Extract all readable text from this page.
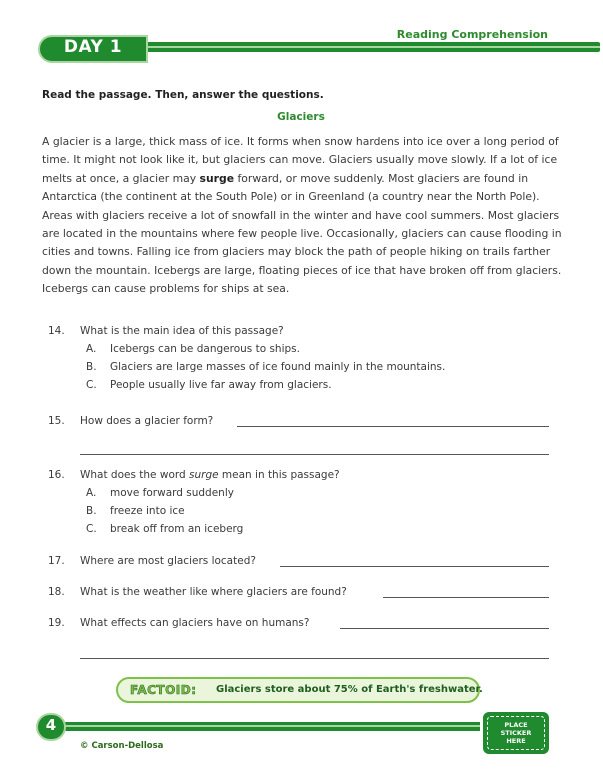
Reading Comprehension
DAY 1
Read the passage. Then, answer the questions.
Glaciers
A glacier is a large, thick mass of ice. It forms when snow hardens into ice over a long period of time. It might not look like it, but glaciers can move. Glaciers usually move slowly. If a lot of ice melts at once, a glacier may surge forward, or move suddenly. Most glaciers are found in Antarctica (the continent at the South Pole) or in Greenland (a country near the North Pole). Areas with glaciers receive a lot of snowfall in the winter and have cool summers. Most glaciers are located in the mountains where few people live. Occasionally, glaciers can cause flooding in cities and towns. Falling ice from glaciers may block the path of people hiking on trails farther down the mountain. Icebergs are large, floating pieces of ice that have broken off from glaciers. Icebergs can cause problems for ships at sea.
14.	What is the main idea of this passage?
A. Icebergs can be dangerous to ships.
B. Glaciers are large masses of ice found mainly in the mountains.
C. People usually live far away from glaciers.
15.	How does a glacier form?
16.	What does the word surge mean in this passage?
A. move forward suddenly
B. freeze into ice
C. break off from an iceberg
17.	Where are most glaciers located?
18.	What is the weather like where glaciers are found?
19.	What effects can glaciers have on humans?
FACTOID: Glaciers store about 75% of Earth's freshwater.
4
© Carson-Dellosa
PLACE
STICKER
HERE
